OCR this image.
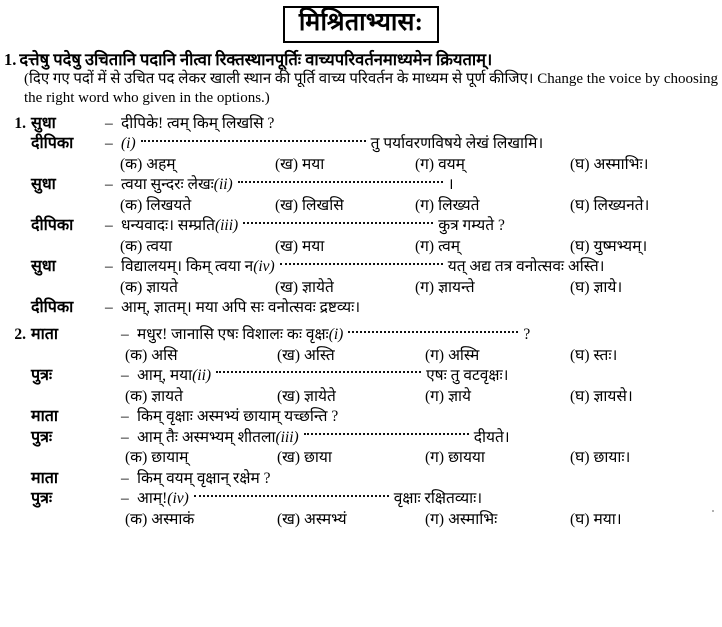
मिश्रिताभ्यास:
1. दत्तेषु पदेषु उचितानि पदानि नीत्वा रिक्तस्थानपूर्तिः वाच्यपरिवर्तनमाध्यमेन क्रियताम्।
(दिए गए पदों में से उचित पद लेकर खाली स्थान की पूर्ति वाच्य परिवर्तन के माध्यम से पूर्ण कीजिए। Change the voice by choosing the right word who given in the options.)
1. सुधा	– दीपिके! त्वम् किम् लिखसि ?
दीपिका	– (i)	तु पर्यावरणविषये लेखं लिखामि।
(क) अहम्	(ख) मया	(ग) वयम्	(घ) अस्माभिः।
सुधा	– त्वया सुन्दरः लेखः (ii)	।
(क) लिखयते	(ख) लिखसि	(ग) लिख्यते	(घ) लिख्यनते।
दीपिका	– धन्यवादः। सम्प्रति (iii)	कुत्र गम्यते ?
(क) त्वया	(ख) मया	(ग) त्वम्	(घ) युष्मभ्यम्।
सुधा	– विद्यालयम्। किम् त्वया न (iv)	यत् अद्य तत्र वनोत्सवः अस्ति।
(क) ज्ञायते	(ख) ज्ञायेते	(ग) ज्ञायन्ते	(घ) ज्ञाये।
दीपिका	– आम्, ज्ञातम्। मया अपि सः वनोत्सवः द्रष्टव्यः।
2. माता	– मधुर! जानासि एषः विशालः कः वृक्षः (i)	?
(क) असि	(ख) अस्ति	(ग) अस्मि	(घ) स्तः।
पुत्रः	– आम्, मया (ii)	एषः तु वटवृक्षः।
(क) ज्ञायते	(ख) ज्ञायेते	(ग) ज्ञाये	(घ) ज्ञायसे।
माता	– किम् वृक्षाः अस्मभ्यं छायाम् यच्छन्ति ?
पुत्रः	– आम् तैः अस्मभ्यम् शीतला (iii)	दीयते।
(क) छायाम्	(ख) छाया	(ग) छायया	(घ) छायाः।
माता	– किम् वयम् वृक्षान् रक्षेम ?
पुत्रः	– आम्! (iv)	वृक्षाः रक्षितव्याः।
(क) अस्माकं	(ख) अस्मभ्यं	(ग) अस्माभिः	(घ) मया।
